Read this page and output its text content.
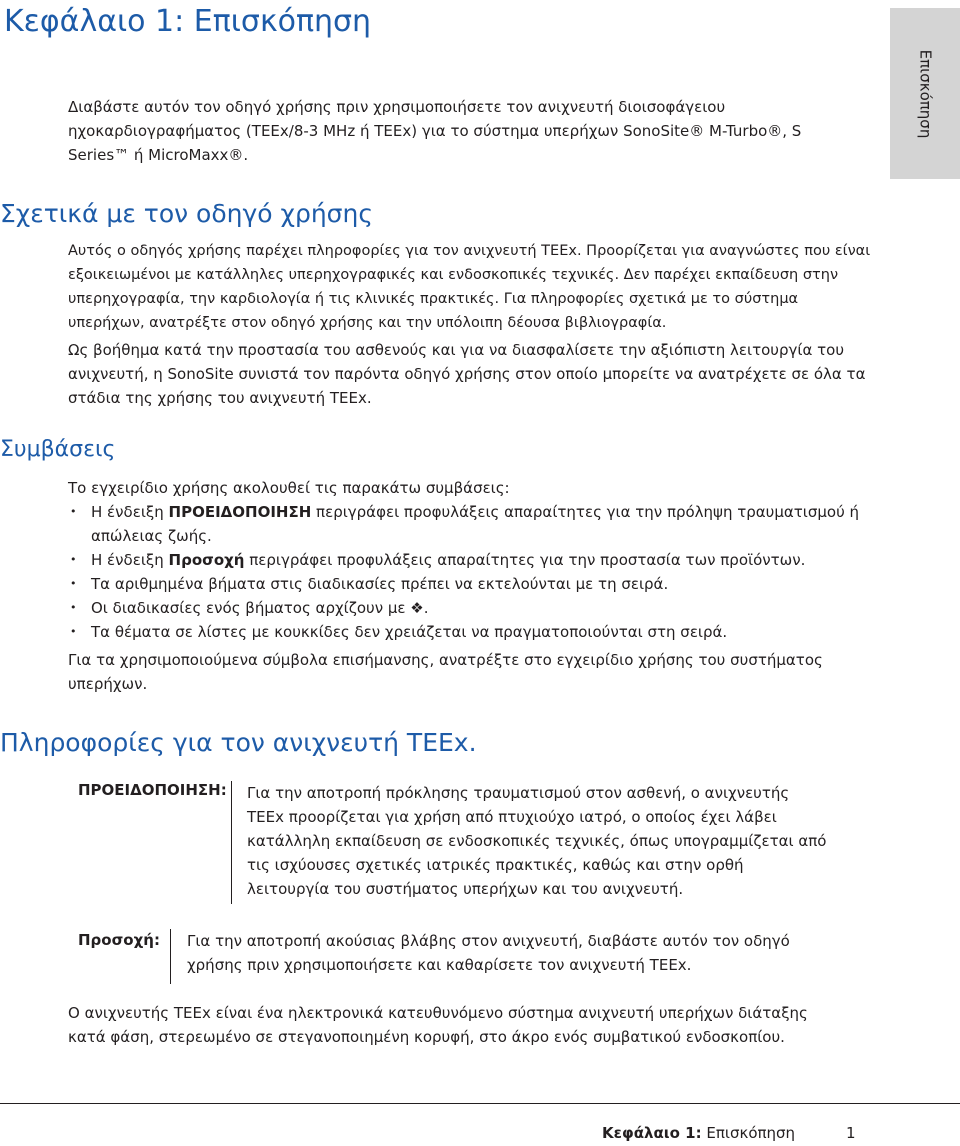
Κεφάλαιο 1: Επισκόπηση
Επισκόπηση

Διαβάστε αυτόν τον οδηγό χρήσης πριν χρησιμοποιήσετε τον ανιχνευτή διοισοφάγειου ηχοκαρδιογραφήματος (TEEx/8-3 MHz ή TEEx) για το σύστημα υπερήχων SonoSite® M-Turbo®, S Series™ ή MicroMaxx®.

Σχετικά με τον οδηγό χρήσης

Αυτός ο οδηγός χρήσης παρέχει πληροφορίες για τον ανιχνευτή TEEx. Προορίζεται για αναγνώστες που είναι εξοικειωμένοι με κατάλληλες υπερηχογραφικές και ενδοσκοπικές τεχνικές. Δεν παρέχει εκπαίδευση στην υπερηχογραφία, την καρδιολογία ή τις κλινικές πρακτικές. Για πληροφορίες σχετικά με το σύστημα υπερήχων, ανατρέξτε στον οδηγό χρήσης και την υπόλοιπη δέουσα βιβλιογραφία.

Ως βοήθημα κατά την προστασία του ασθενούς και για να διασφαλίσετε την αξιόπιστη λειτουργία του ανιχνευτή, η SonoSite συνιστά τον παρόντα οδηγό χρήσης στον οποίο μπορείτε να ανατρέχετε σε όλα τα στάδια της χρήσης του ανιχνευτή TEEx.

Συμβάσεις

Το εγχειρίδιο χρήσης ακολουθεί τις παρακάτω συμβάσεις:

• Η ένδειξη ΠΡΟΕΙΔΟΠΟΙΗΣΗ περιγράφει προφυλάξεις απαραίτητες για την πρόληψη τραυματισμού ή απώλειας ζωής.
• Η ένδειξη Προσοχή περιγράφει προφυλάξεις απαραίτητες για την προστασία των προϊόντων.
• Τα αριθμημένα βήματα στις διαδικασίες πρέπει να εκτελούνται με τη σειρά.
• Οι διαδικασίες ενός βήματος αρχίζουν με ❖.
• Τα θέματα σε λίστες με κουκκίδες δεν χρειάζεται να πραγματοποιούνται στη σειρά.

Για τα χρησιμοποιούμενα σύμβολα επισήμανσης, ανατρέξτε στο εγχειρίδιο χρήσης του συστήματος υπερήχων.

Πληροφορίες για τον ανιχνευτή TEEx.
ΠΡΟΕΙΔΟΠΟΙΗΣΗ: Για την αποτροπή πρόκλησης τραυματισμού στον ασθενή, ο ανιχνευτής TEEx προορίζεται για χρήση από πτυχιούχο ιατρό, ο οποίος έχει λάβει κατάλληλη εκπαίδευση σε ενδοσκοπικές τεχνικές, όπως υπογραμμίζεται από τις ισχύουσες σχετικές ιατρικές πρακτικές, καθώς και στην ορθή λειτουργία του συστήματος υπερήχων και του ανιχνευτή.

Προσοχή: Για την αποτροπή ακούσιας βλάβης στον ανιχνευτή, διαβάστε αυτόν τον οδηγό χρήσης πριν χρησιμοποιήσετε και καθαρίσετε τον ανιχνευτή TEEx.

Ο ανιχνευτής TEEx είναι ένα ηλεκτρονικά κατευθυνόμενο σύστημα ανιχνευτή υπερήχων διάταξης κατά φάση, στερεωμένο σε στεγανοποιημένη κορυφή, στο άκρο ενός συμβατικού ενδοσκοπίου.

Κεφάλαιο 1: Επισκόπηση	1
